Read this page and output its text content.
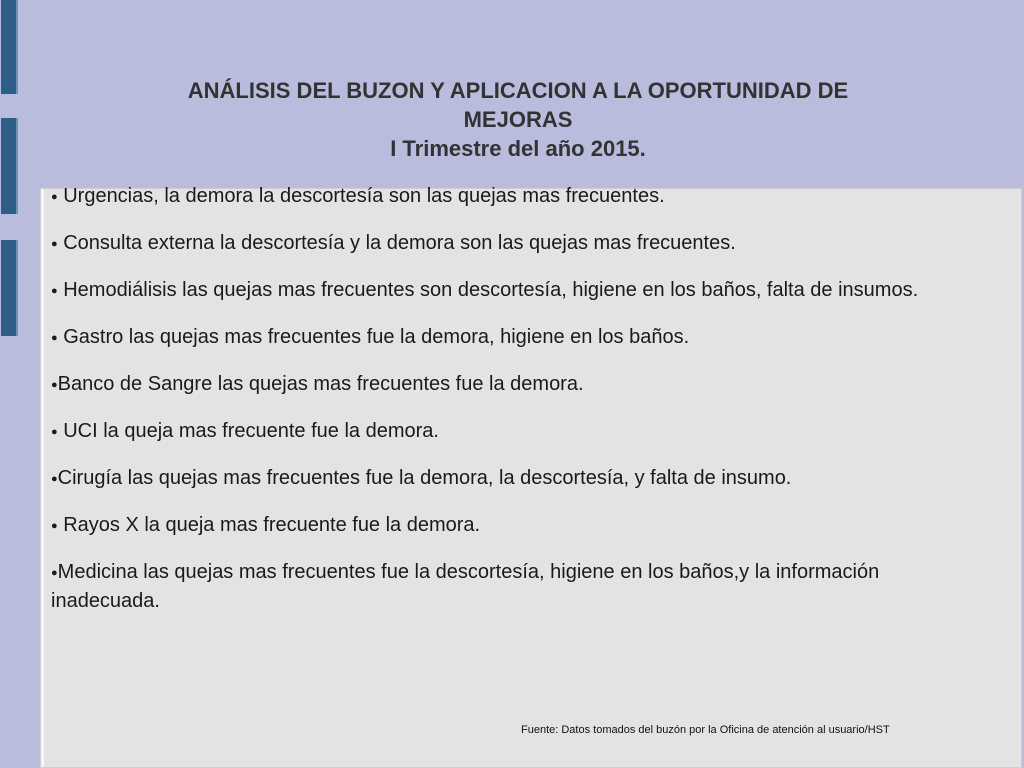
ANÁLISIS DEL BUZON Y APLICACION A LA OPORTUNIDAD DE
MEJORAS
I Trimestre del año 2015.
● Urgencias, la demora la descortesía son las quejas mas frecuentes.
● Consulta externa la descortesía y la demora son las quejas mas frecuentes.
● Hemodiálisis las quejas mas frecuentes son descortesía, higiene en los baños, falta de insumos.
● Gastro las quejas mas frecuentes fue la demora, higiene en los baños.
●Banco de Sangre las quejas mas frecuentes fue la demora.
● UCI la queja mas frecuente fue la demora.
●Cirugía las quejas mas frecuentes fue la demora, la descortesía, y falta de insumo.
● Rayos X la queja mas frecuente fue la demora.
●Medicina las quejas mas frecuentes fue la descortesía, higiene en los baños,y la información inadecuada.
Fuente: Datos tomados del buzón por la Oficina de atención al usuario/HST
